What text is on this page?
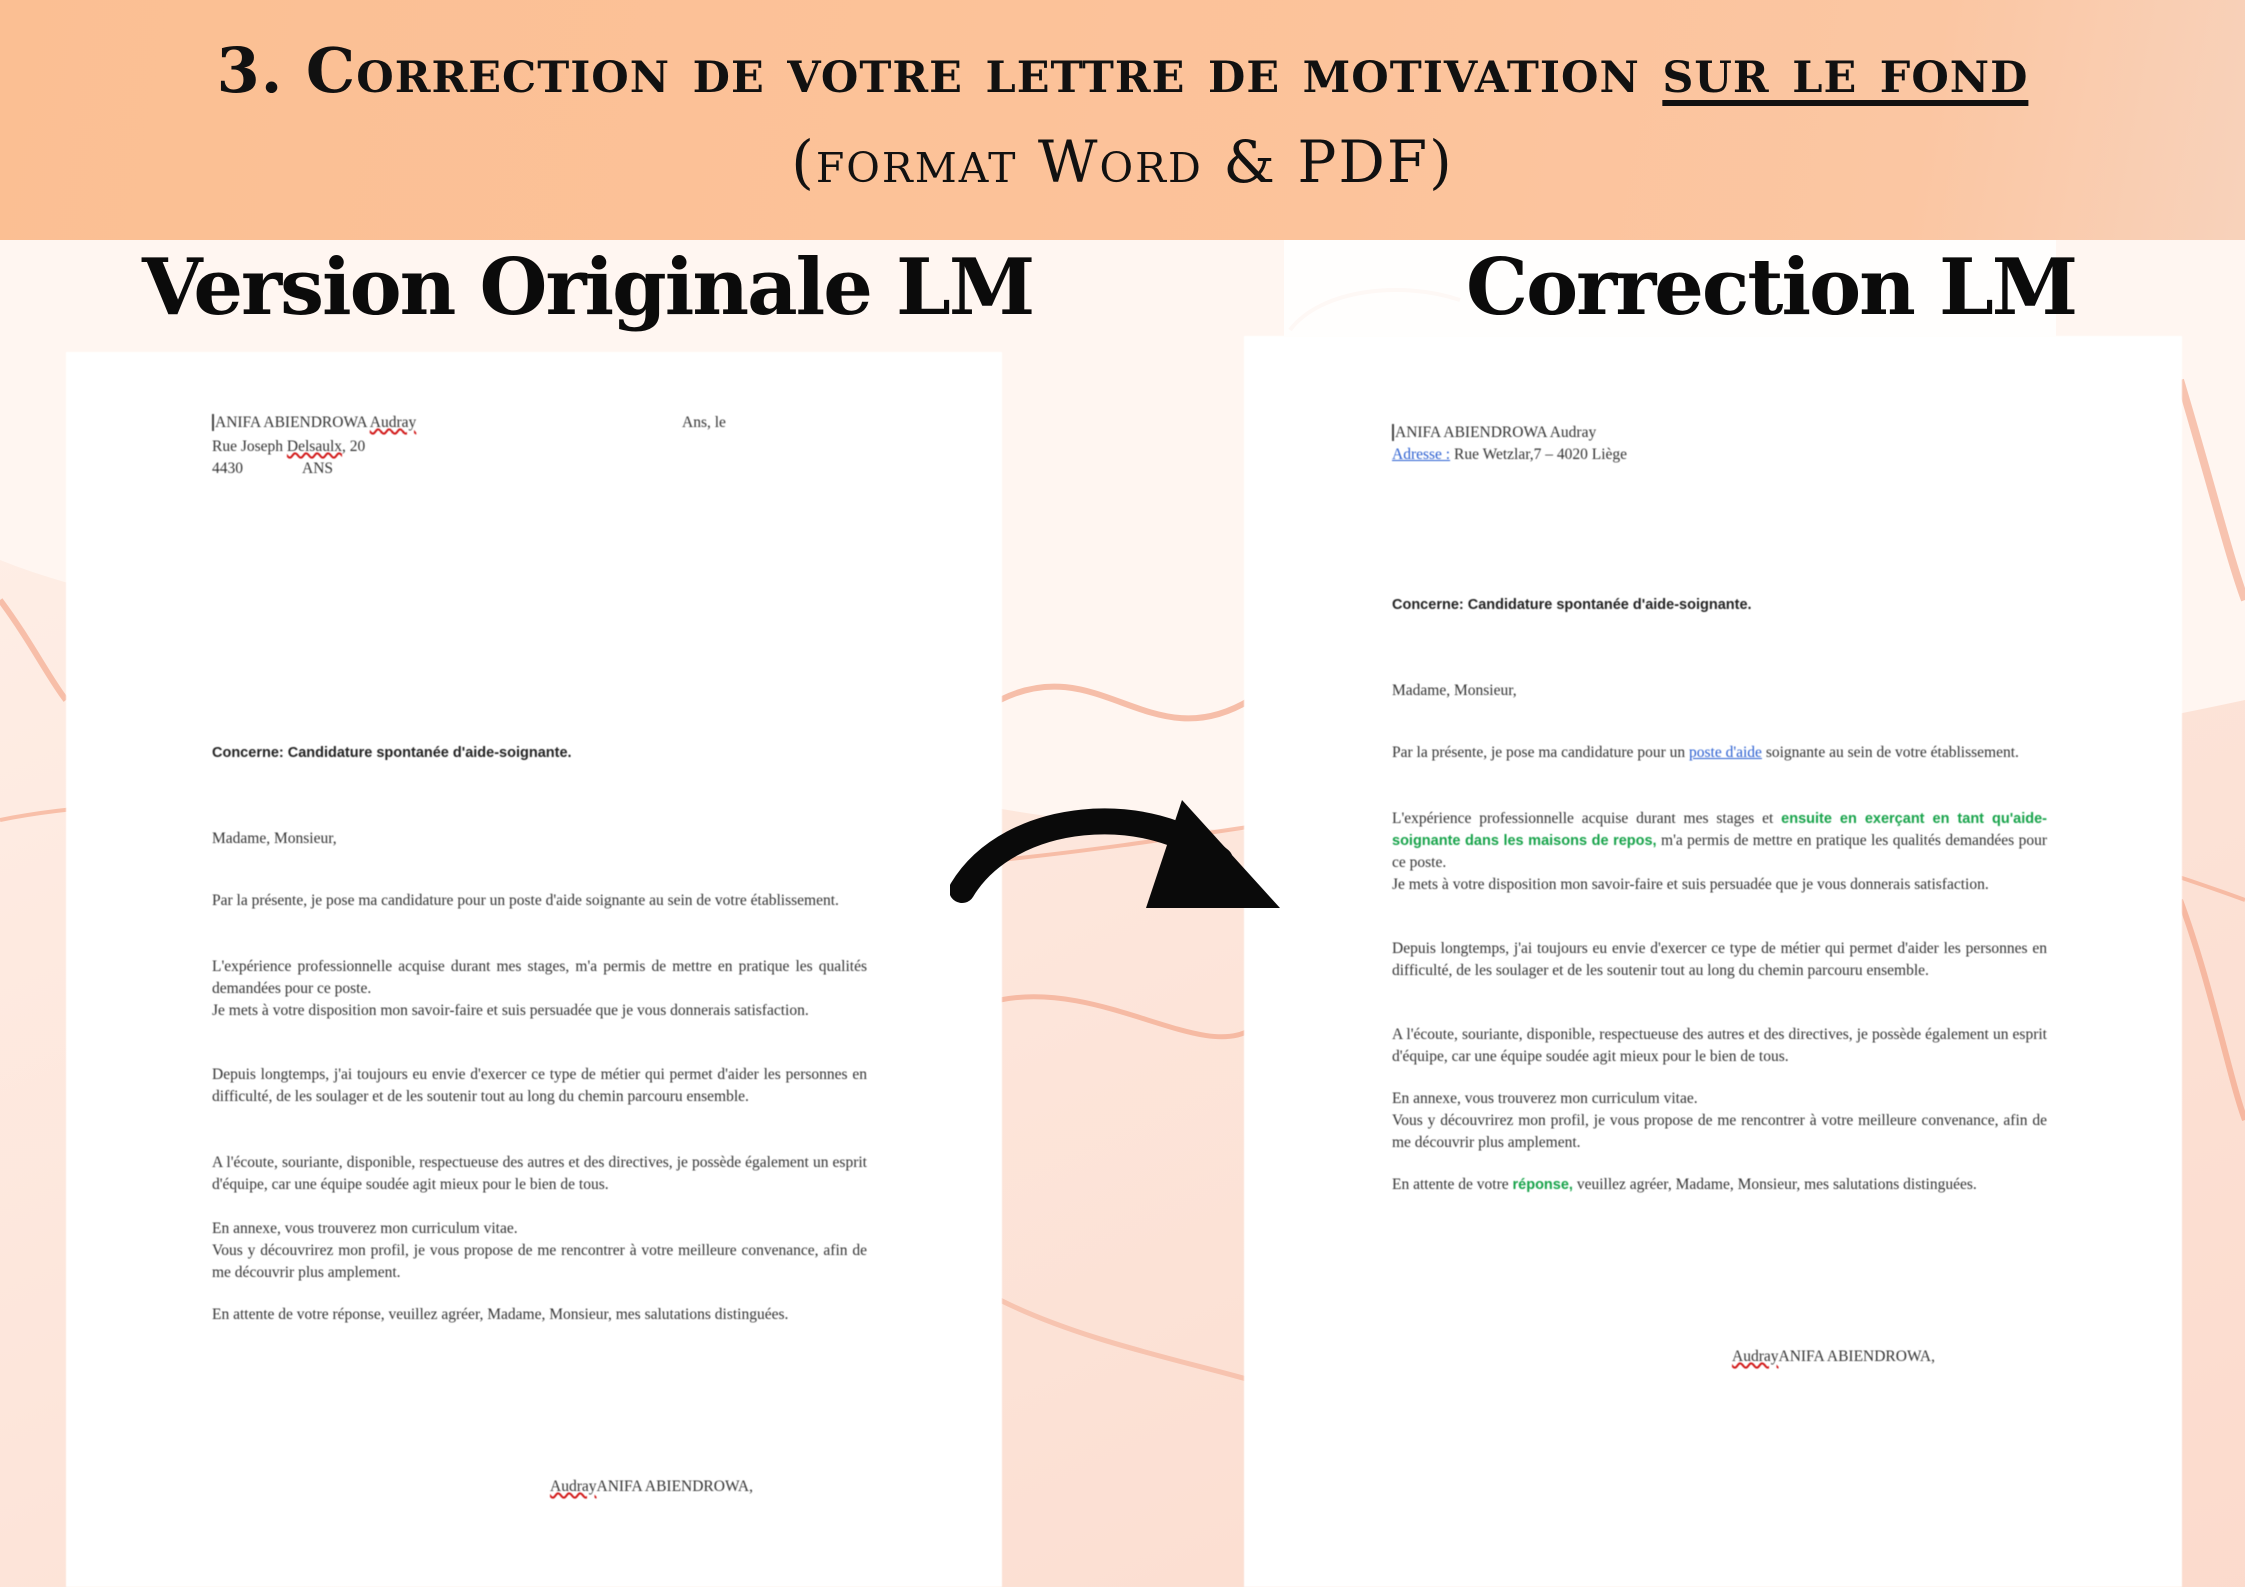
3. Correction de votre lettre de motivation sur le fond
(format Word & PDF)
Version Originale LM	Correction LM
ANIFA ABIENDROWA Audray	Ans, le
Rue Joseph Delsaulx, 20
4430	ANS
Concerne: Candidature spontanée d'aide-soignante.
Madame, Monsieur,
Par la présente, je pose ma candidature pour un poste d'aide soignante au sein de votre établissement.
L'expérience professionnelle acquise durant mes stages, m'a permis de mettre en pratique les qualités demandées pour ce poste.
Je mets à votre disposition mon savoir-faire et suis persuadée que je vous donnerais satisfaction.
Depuis longtemps, j'ai toujours eu envie d'exercer ce type de métier qui permet d'aider les personnes en difficulté, de les soulager et de les soutenir tout au long du chemin parcouru ensemble.
A l'écoute, souriante, disponible, respectueuse des autres et des directives, je possède également un esprit d'équipe, car une équipe soudée agit mieux pour le bien de tous.
En annexe, vous trouverez mon curriculum vitae.
Vous y découvrirez mon profil, je vous propose de me rencontrer à votre meilleure convenance, afin de me découvrir plus amplement.
En attente de votre réponse, veuillez agréer, Madame, Monsieur, mes salutations distinguées.
AudrayANIFA ABIENDROWA,
ANIFA ABIENDROWA Audray
Adresse : Rue Wetzlar,7 – 4020 Liège
Concerne: Candidature spontanée d'aide-soignante.
Madame, Monsieur,
Par la présente, je pose ma candidature pour un poste d'aide soignante au sein de votre établissement.
L'expérience professionnelle acquise durant mes stages et ensuite en exerçant en tant qu'aide-soignante dans les maisons de repos, m'a permis de mettre en pratique les qualités demandées pour ce poste.
Je mets à votre disposition mon savoir-faire et suis persuadée que je vous donnerais satisfaction.
Depuis longtemps, j'ai toujours eu envie d'exercer ce type de métier qui permet d'aider les personnes en difficulté, de les soulager et de les soutenir tout au long du chemin parcouru ensemble.
A l'écoute, souriante, disponible, respectueuse des autres et des directives, je possède également un esprit d'équipe, car une équipe soudée agit mieux pour le bien de tous.
En annexe, vous trouverez mon curriculum vitae.
Vous y découvrirez mon profil, je vous propose de me rencontrer à votre meilleure convenance, afin de me découvrir plus amplement.
En attente de votre réponse, veuillez agréer, Madame, Monsieur, mes salutations distinguées.
AudrayANIFA ABIENDROWA,
